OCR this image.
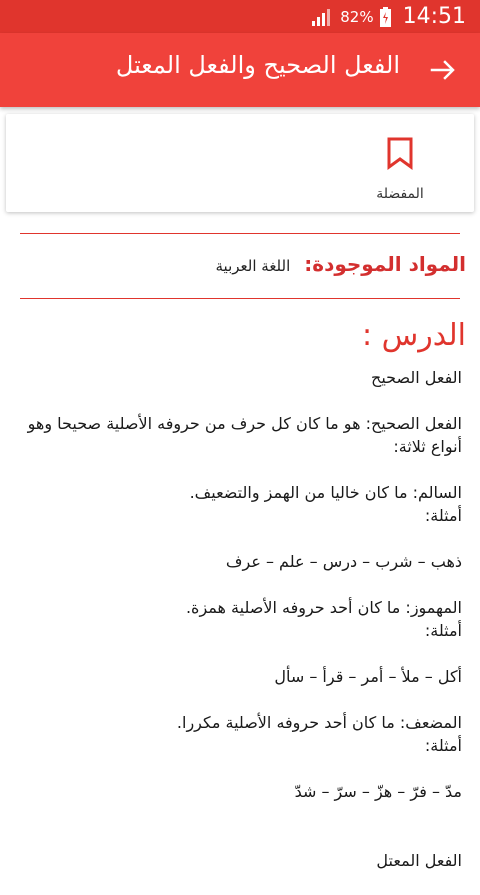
82% 14:51
الفعل الصحيح والفعل المعتل
المفضلة
المواد الموجودة:
اللغة العربية
الدرس :

الفعل الصحيح

الفعل الصحيح: هو ما كان كل حرف من حروفه الأصلية صحيحا وهو أنواع ثلاثة:

السالم: ما كان خاليا من الهمز والتضعيف.

أمثلة:

ذهب – شرب – درس – علم – عرف

المهموز: ما كان أحد حروفه الأصلية همزة.

أمثلة:

أكل – ملأ – أمر – قرأ – سأل

المضعف: ما كان أحد حروفه الأصلية مكررا.

أمثلة:

مدّ – فرّ – هزّ – سرّ – شدّ

الفعل المعتل
